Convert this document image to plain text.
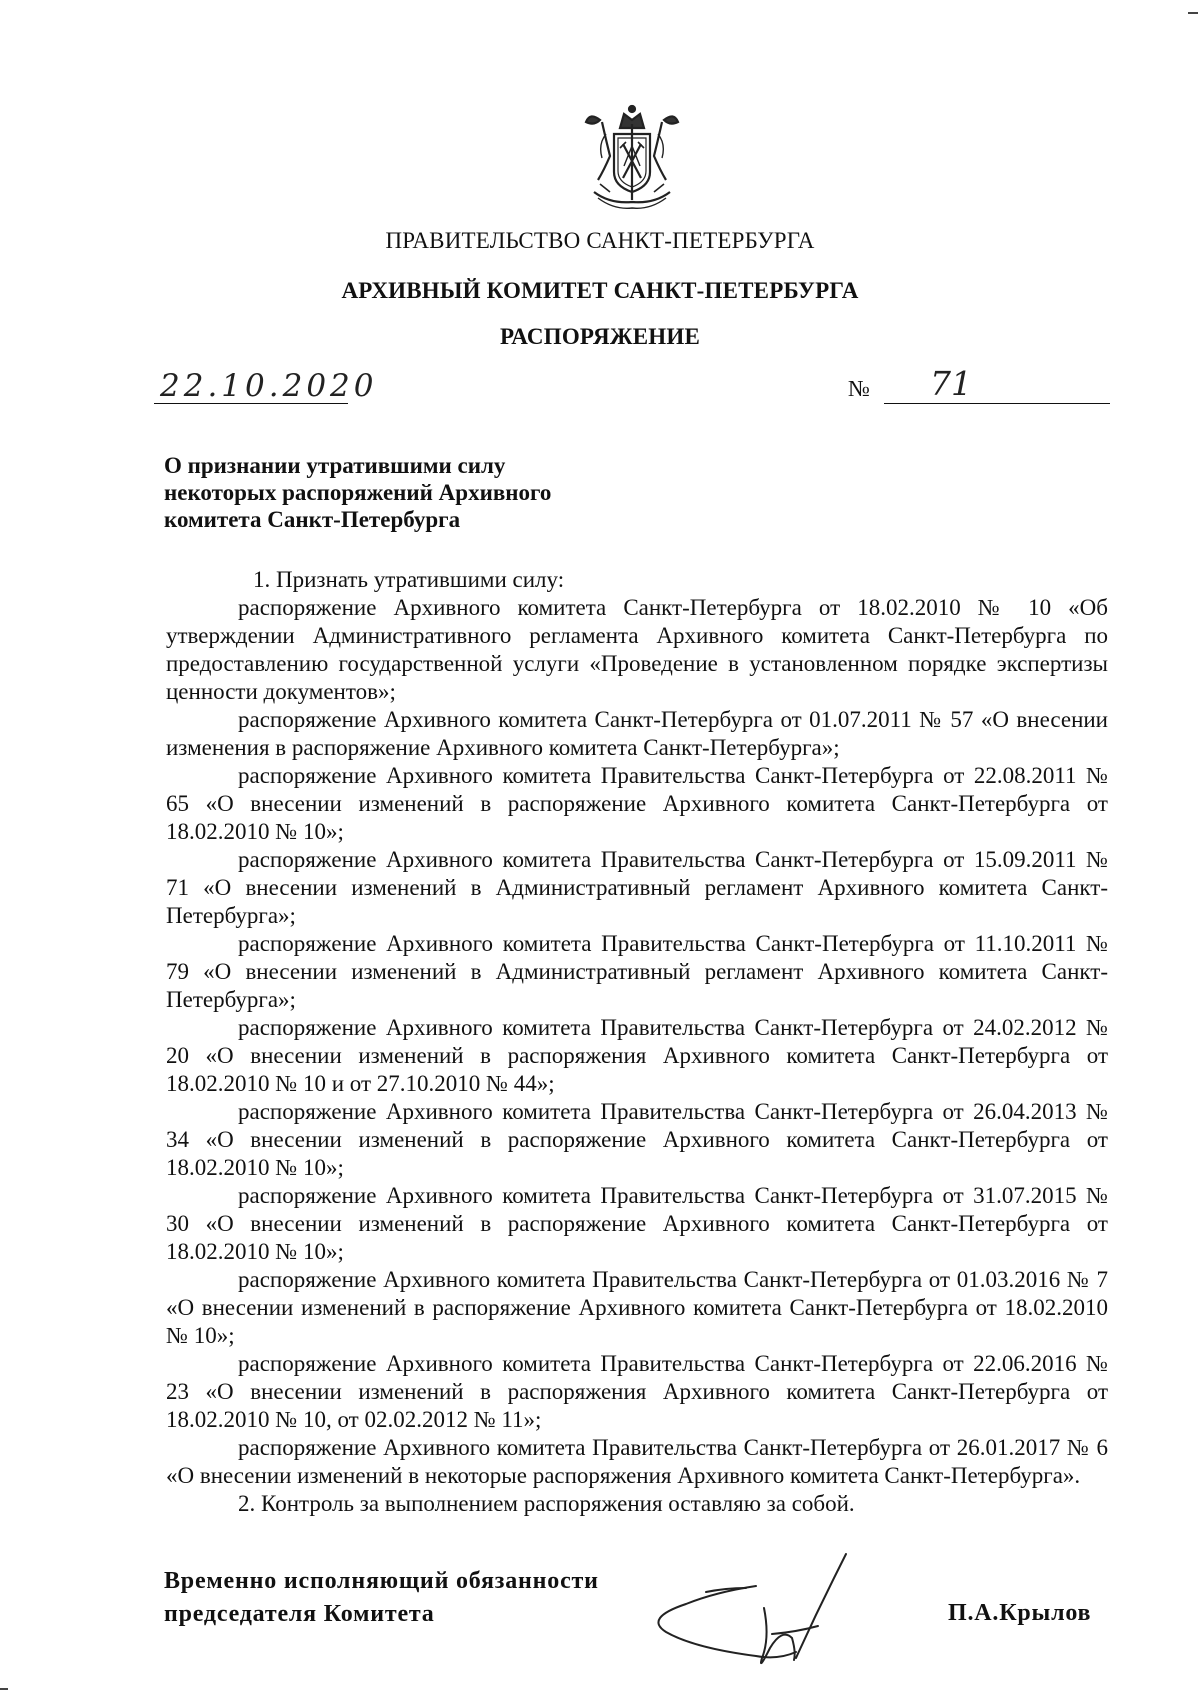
ПРАВИТЕЛЬСТВО САНКТ-ПЕТЕРБУРГА
АРХИВНЫЙ КОМИТЕТ САНКТ-ПЕТЕРБУРГА
РАСПОРЯЖЕНИЕ
22.10.2020	№ 71
О признании утратившими силу
некоторых распоряжений Архивного
комитета Санкт-Петербурга

1. Признать утратившими силу:

распоряжение Архивного комитета Санкт-Петербурга от 18.02.2010 № 10 «Об утверждении Административного регламента Архивного комитета Санкт-Петербурга по предоставлению государственной услуги «Проведение в установленном порядке экспертизы ценности документов»;

распоряжение Архивного комитета Санкт-Петербурга от 01.07.2011 № 57 «О внесении изменения в распоряжение Архивного комитета Санкт-Петербурга»;

распоряжение Архивного комитета Правительства Санкт-Петербурга от 22.08.2011 № 65 «О внесении изменений в распоряжение Архивного комитета Санкт-Петербурга от 18.02.2010 № 10»;

распоряжение Архивного комитета Правительства Санкт-Петербурга от 15.09.2011 № 71 «О внесении изменений в Административный регламент Архивного комитета Санкт-Петербурга»;

распоряжение Архивного комитета Правительства Санкт-Петербурга от 11.10.2011 № 79 «О внесении изменений в Административный регламент Архивного комитета Санкт-Петербурга»;

распоряжение Архивного комитета Правительства Санкт-Петербурга от 24.02.2012 № 20 «О внесении изменений в распоряжения Архивного комитета Санкт-Петербурга от 18.02.2010 № 10 и от 27.10.2010 № 44»;

распоряжение Архивного комитета Правительства Санкт-Петербурга от 26.04.2013 № 34 «О внесении изменений в распоряжение Архивного комитета Санкт-Петербурга от 18.02.2010 № 10»;

распоряжение Архивного комитета Правительства Санкт-Петербурга от 31.07.2015 № 30 «О внесении изменений в распоряжение Архивного комитета Санкт-Петербурга от 18.02.2010 № 10»;

распоряжение Архивного комитета Правительства Санкт-Петербурга от 01.03.2016 № 7 «О внесении изменений в распоряжение Архивного комитета Санкт-Петербурга от 18.02.2010 № 10»;

распоряжение Архивного комитета Правительства Санкт-Петербурга от 22.06.2016 № 23 «О внесении изменений в распоряжения Архивного комитета Санкт-Петербурга от 18.02.2010 № 10, от 02.02.2012 № 11»;

распоряжение Архивного комитета Правительства Санкт-Петербурга от 26.01.2017 № 6 «О внесении изменений в некоторые распоряжения Архивного комитета Санкт-Петербурга».

2. Контроль за выполнением распоряжения оставляю за собой.

Временно исполняющий обязанности
председателя Комитета	П.А.Крылов
